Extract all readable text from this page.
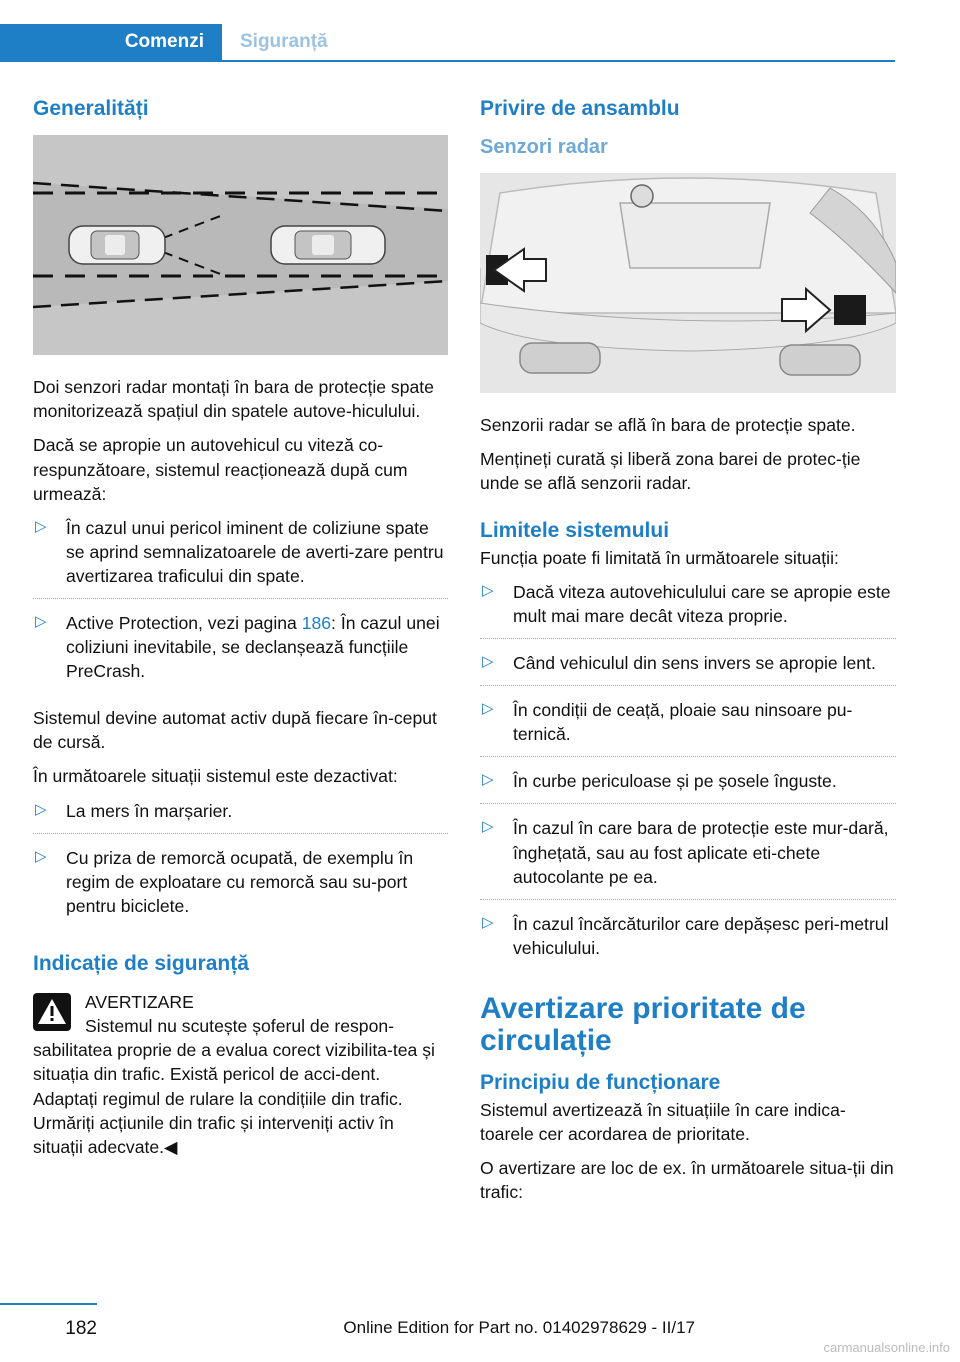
Comenzi Siguranță
Generalități

Doi senzori radar montați în bara de protecție spate monitorizează spațiul din spatele autove-hiculului.

Dacă se apropie un autovehicul cu viteză co-respunzătoare, sistemul reacționează după cum urmează:

▷ În cazul unui pericol iminent de coliziune spate se aprind semnalizatoarele de averti-zare pentru avertizarea traficului din spate.
▷ Active Protection, vezi pagina 186: În cazul unei coliziuni inevitabile, se declanșează funcțiile PreCrash.

Sistemul devine automat activ după fiecare în-ceput de cursă.

În următoarele situații sistemul este dezactivat:

▷ La mers în marșarier.
▷ Cu priza de remorcă ocupată, de exemplu în regim de exploatare cu remorcă sau su-port pentru biciclete.
Indicație de siguranță
AVERTIZARE
Sistemul nu scutește șoferul de respon-

sabilitatea proprie de a evalua corect vizibilita-tea și situația din trafic. Există pericol de acci-dent. Adaptați regimul de rulare la condițiile din trafic. Urmăriți acțiunile din trafic și interveniți activ în situații adecvate.◀

Privire de ansamblu
Senzori radar

Senzorii radar se află în bara de protecție spate.

Mențineți curată și liberă zona barei de protec-ție unde se află senzorii radar.

Limitele sistemului

Funcția poate fi limitată în următoarele situații:

▷ Dacă viteza autovehiculului care se apropie este mult mai mare decât viteza proprie.
▷ Când vehiculul din sens invers se apropie lent.
▷ În condiții de ceață, ploaie sau ninsoare pu-ternică.
▷ În curbe periculoase și pe șosele înguste.
▷ În cazul în care bara de protecție este mur-dară, înghețată, sau au fost aplicate eti-chete autocolante pe ea.
▷ În cazul încărcăturilor care depășesc peri-metrul vehiculului.
Avertizare prioritate de circulație
Principiu de funcționare

Sistemul avertizează în situațiile în care indica-toarele cer acordarea de prioritate.

O avertizare are loc de ex. în următoarele situa-ții din trafic:

182	Online Edition for Part no. 01402978629 - II/17
carmanualsonline.info
